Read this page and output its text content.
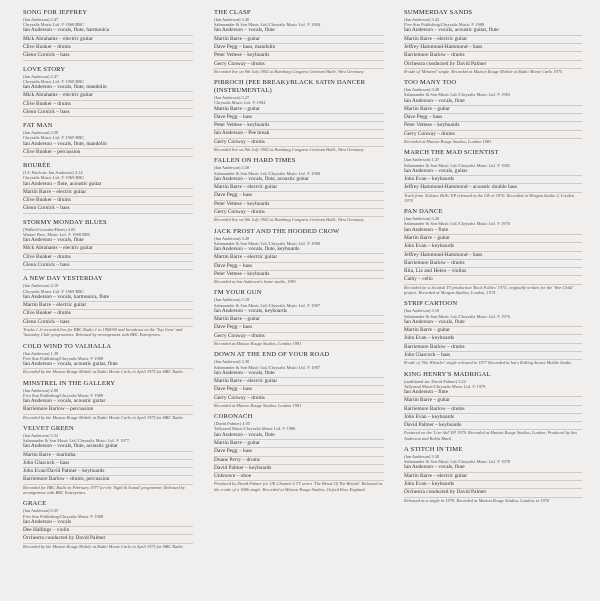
SONG FOR JEFFREY
(Ian Anderson) 2.47
Chrysalis Music Ltd. ℗ 1968 BBC
Ian Anderson – vocals, flute, harmonica
Mick Abrahams – electric guitar
Clive Bunker – drums
Glenn Cornick – bass
LOVE STORY
(Ian Anderson) 2.47
Chrysalis Music Ltd. ℗ 1968 BBC
Ian Anderson – vocals, flute, mandolin
Mick Abrahams – electric guitar
Clive Bunker – drums
Glenn Cornick – bass
FAT MAN
(Ian Anderson) 2.58
Chrysalis Music Ltd. ℗ 1969 BBC
Ian Anderson – vocals, flute, mandolin
Clive Bunker – percussion
BOURÉE
(J.S. Bach arr. Ian Anderson) 4.14
Chrysalis Music Ltd. ℗ 1969 BBC
Ian Anderson – flute, acoustic guitar
Martin Barre – electric guitar
Clive Bunker – drums
Glenn Cornick – bass
STORMY MONDAY BLUES
(Walker/Crowder/Hines) 4.05
Warner Bros. Music Ltd. ℗ 1968 BBC
Ian Anderson – vocals, flute
Mick Abrahams – electric guitar
Clive Bunker – drums
Glenn Cornick – bass
A NEW DAY YESTERDAY
(Ian Anderson) 4.19
Chrysalis Music Ltd. ℗ 1969 BBC
Ian Anderson – vocals, harmonica, flute
Martin Barre – electric guitar
Clive Bunker – drums
Glenn Cornick – bass
Tracks 1–6 recorded live for BBC Radio 1 in 1968/69 and broadcast on the 'Top Gear' and 'Saturday Club' programmes. Released by arrangement with BBC Enterprises.
COLD WIND TO VALHALLA
(Ian Anderson) 1.38
Five Star Publishing/Chrysalis Music ℗ 1988
Ian Anderson – vocals, acoustic guitar, flute
Recorded by the Maison Rouge Mobile at Radio Monte Carlo in April 1975 for BBC Radio
MINSTREL IN THE GALLERY
(Ian Anderson) 2.08
Five Star Publishing/Chrysalis Music ℗ 1988
Ian Anderson – vocals, acoustic guitar
Barriemore Barlow – percussion
Recorded by the Maison Rouge Mobile at Radio Monte Carlo in April 1975 for BBC Radio
VELVET GREEN
(Ian Anderson) 5.52
Salamander & Son Music Ltd./Chrysalis Music Ltd. ℗ 1977
Ian Anderson – vocals, flute, acoustic guitar
Martin Barre – marimba
John Glascock – bass
John Evan/David Palmer – keyboards
Barriemore Barlow – drums, percussion
Recorded for BBC Radio in February 1977 for the 'Sight & Sound' programme. Released by arrangement with BBC Enterprises.
GRACE
(Ian Anderson) 0.35
Five Star Publishing/Chrysalis Music ℗ 1988
Ian Anderson – vocals
Dee Hallings – violin
Orchestra conducted by David Palmer
Recorded by the Maison Rouge Mobile at Radio Monte Carlo in April 1975 for BBC Radio
THE CLASP
(Ian Anderson) 3.30
Salamander & Son Music Ltd./Chrysalis Music Ltd. ℗ 1984
Ian Anderson – vocals, flute
Martin Barre – guitar
Dave Pegg – bass, mandolin
Peter Vettese – keyboards
Gerry Conway – drums
Recorded live on 9th July 1982 at Hamburg Congress Centrum Halle, West Germany.
PIBROCH (PEE BREAK)/BLACK SATIN DANCER (INSTRUMENTAL)
(Ian Anderson) 3.27
Chrysalis Music Ltd. ℗ 1984
Martin Barre – guitar
Dave Pegg – bass
Peter Vettese – keyboards
Ian Anderson – Pee break
Gerry Conway – drums
Recorded live on 9th July 1982 at Hamburg Congress Centrum Halle, West Germany.
FALLEN ON HARD TIMES
(Ian Anderson) 3.30
Salamander & Son Music Ltd./Chrysalis Music Ltd. ℗ 1988
Ian Anderson – vocals, flute, acoustic guitar
Martin Barre – electric guitar
Dave Pegg – bass
Peter Vettese – keyboards
Gerry Conway – drums
Recorded live on 9th July 1982 at Hamburg Congress Centrum Halle, West Germany.
JACK FROST AND THE HOODED CROW
(Ian Anderson) 3.20
Salamander & Son Music Ltd./Chrysalis Music Ltd. ℗ 1988
Ian Anderson – vocals, flute, keyboards
Martin Barre – electric guitar
Dave Pegg – bass
Peter Vettese – keyboards
Recorded at Ian Anderson's home studio, 1981
I'M YOUR GUN
(Ian Anderson) 3.18
Salamander & Son Music Ltd./Chrysalis Music Ltd. ℗ 1987
Ian Anderson – vocals, keyboards
Martin Barre – guitar
Dave Pegg – bass
Gerry Conway – drums
Recorded at Maison Rouge Studios, London 1981
DOWN AT THE END OF YOUR ROAD
(Ian Anderson) 3.30
Salamander & Son Music Ltd./Chrysalis Music Ltd. ℗ 1987
Ian Anderson – vocals, flute
Martin Barre – electric guitar
Dave Pegg – bass
Gerry Conway – drums
Recorded at Maison Rouge Studios, London 1981
CORONACH
(David Palmer) 4.05
Tallyrand Music/Chrysalis Music Ltd. ℗ 1986
Ian Anderson – vocals, flute
Martin Barre – guitar
Dave Pegg – bass
Doane Perry – drums
David Palmer – keyboards
Unknown – oboe
Produced by David Palmer for UK Channel 4 TV series 'The Blood Of The British'. Released as the a-side of a 1986 single. Recorded at Maison Rouge Studios, Oxford Row, England.
SUMMERDAY SANDS
(Ian Anderson) 3.42
Five Star Publishing/Chrysalis Music ℗ 1988
Ian Anderson – vocals, acoustic guitar, flute
Martin Barre – electric guitar
Jeffrey Hammond-Hammond – bass
Barriemore Barlow – drums
Orchestra conducted by David Palmer
B-side of 'Minstrel' single. Recorded at Maison Rouge Mobile at Radio Monte Carlo 1975
TOO MANY TOO
(Ian Anderson) 3.28
Salamander & Son Music Ltd./Chrysalis Music Ltd. ℗ 1983
Ian Anderson – vocals, flute
Martin Barre – guitar
Dave Pegg – bass
Peter Vettese – keyboards
Gerry Conway – drums
Recorded at Maison Rouge Studios, London 1983
MARCH THE MAD SCIENTIST
(Ian Anderson) 1.47
Salamander & Son Music Ltd./Chrysalis Music Ltd. ℗ 1982
Ian Anderson – vocals, guitar
John Evan – keyboards
Jeffrey Hammond-Hammond – acoustic double bass
Track from 'Solstice Bells' EP released in the UK in 1976. Recorded at Morgan Studio 2, London 1974
PAN DANCE
(Ian Anderson) 3.20
Salamander & Son Music Ltd./Chrysalis Music Ltd. ℗ 1976
Ian Anderson – flute
Martin Barre – guitar
John Evan – keyboards
Jeffrey Hammond-Hammond – bass
Barriemore Barlow – drums
Rita, Liz and Helen – violins
Cathy – cello
Recorded for a Scottish TV production 'Rock Follies' 1975, originally written for the 'War Child' project. Recorded at Morgan Studios, London, 1974
STRIP CARTOON
(Ian Anderson) 3.16
Salamander & Son Music Ltd./Chrysalis Music Ltd. ℗ 1976
Ian Anderson – vocals, flute
Martin Barre – guitar
John Evan – keyboards
Barriemore Barlow – drums
John Glascock – bass
B-side of 'The Whistler' single released in 1977 Recorded in Ian's Rolling Stones Mobile Studio
KING HENRY'S MADRIGAL
(traditional arr. David Palmer) 3.22
Tallyrand Music/Chrysalis Music Ltd. ℗ 1979
Ian Anderson – flute
Martin Barre – guitar
Barriemore Barlow – drums
John Evan – keyboards
David Palmer – keyboards
Featured on the 'Live Aid' EP 1979. Recorded at Maison Rouge Studios, London. Produced by Ian Anderson and Robin Black
A STITCH IN TIME
(Ian Anderson) 3.38
Salamander & Son Music Ltd./Chrysalis Music Ltd. ℗ 1978
Ian Anderson – vocals, flute
Martin Barre – electric guitar
John Evan – keyboards
Orchestra conducted by David Palmer
Released as a single in 1978. Recorded at Maison Rouge Studios, London, in 1978
